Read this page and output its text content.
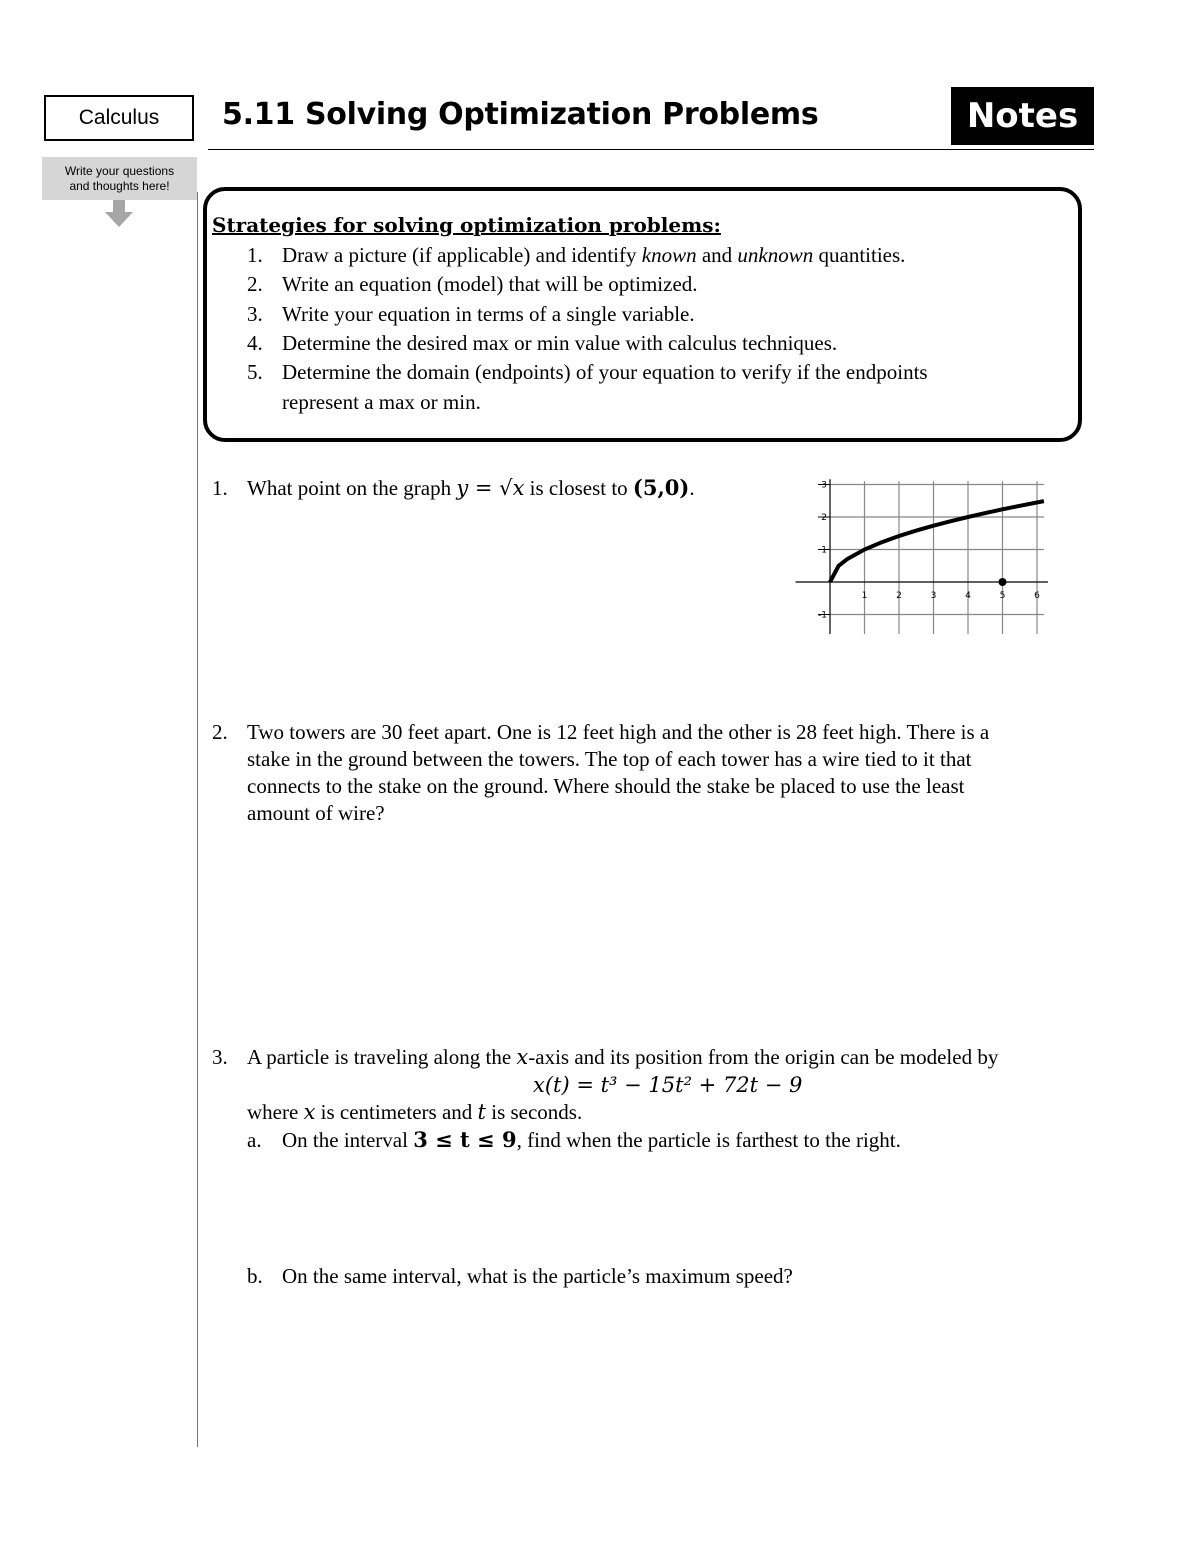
Calculus	5.11 Solving Optimization Problems	Notes
Write your questions
and thoughts here!
Strategies for solving optimization problems:
1. Draw a picture (if applicable) and identify known and unknown quantities.
2. Write an equation (model) that will be optimized.
3. Write your equation in terms of a single variable.
4. Determine the desired max or min value with calculus techniques.
5. Determine the domain (endpoints) of your equation to verify if the endpoints
represent a max or min.
1. What point on the graph y = √x is closest to (5,0).
1	2	3	4	5	6
3
2
1
-1
2. Two towers are 30 feet apart. One is 12 feet high and the other is 28 feet high. There is a
stake in the ground between the towers. The top of each tower has a wire tied to it that
connects to the stake on the ground. Where should the stake be placed to use the least
amount of wire?
3. A particle is traveling along the x-axis and its position from the origin can be modeled by
x(t) = t³ − 15t² + 72t − 9
where x is centimeters and t is seconds.
a. On the interval 3 ≤ t ≤ 9, find when the particle is farthest to the right.
b. On the same interval, what is the particle’s maximum speed?
